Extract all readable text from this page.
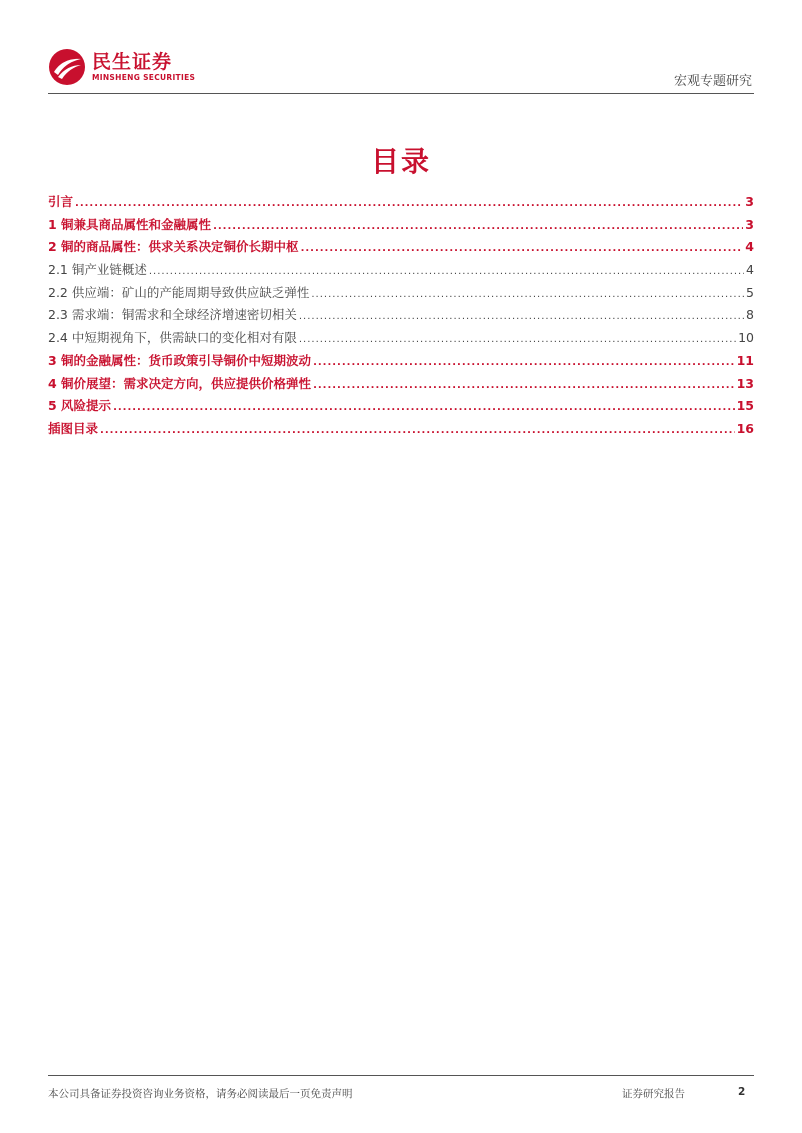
民生证券
MINSHENG SECURITIES	宏观专题研究
目录
引言 .....	3
1 铜兼具商品属性和金融属性 .....	3
2 铜的商品属性：供求关系决定铜价长期中枢 .....	4
2.1 铜产业链概述 .....	4
2.2 供应端：矿山的产能周期导致供应缺乏弹性 .....	5
2.3 需求端：铜需求和全球经济增速密切相关 .....	8
2.4 中短期视角下，供需缺口的变化相对有限 .....	10
3 铜的金融属性：货币政策引导铜价中短期波动 .....	11
4 铜价展望：需求决定方向，供应提供价格弹性 .....	13
5 风险提示 .....	15
插图目录 .....	16
本公司具备证券投资咨询业务资格，请务必阅读最后一页免责声明	证券研究报告	2
